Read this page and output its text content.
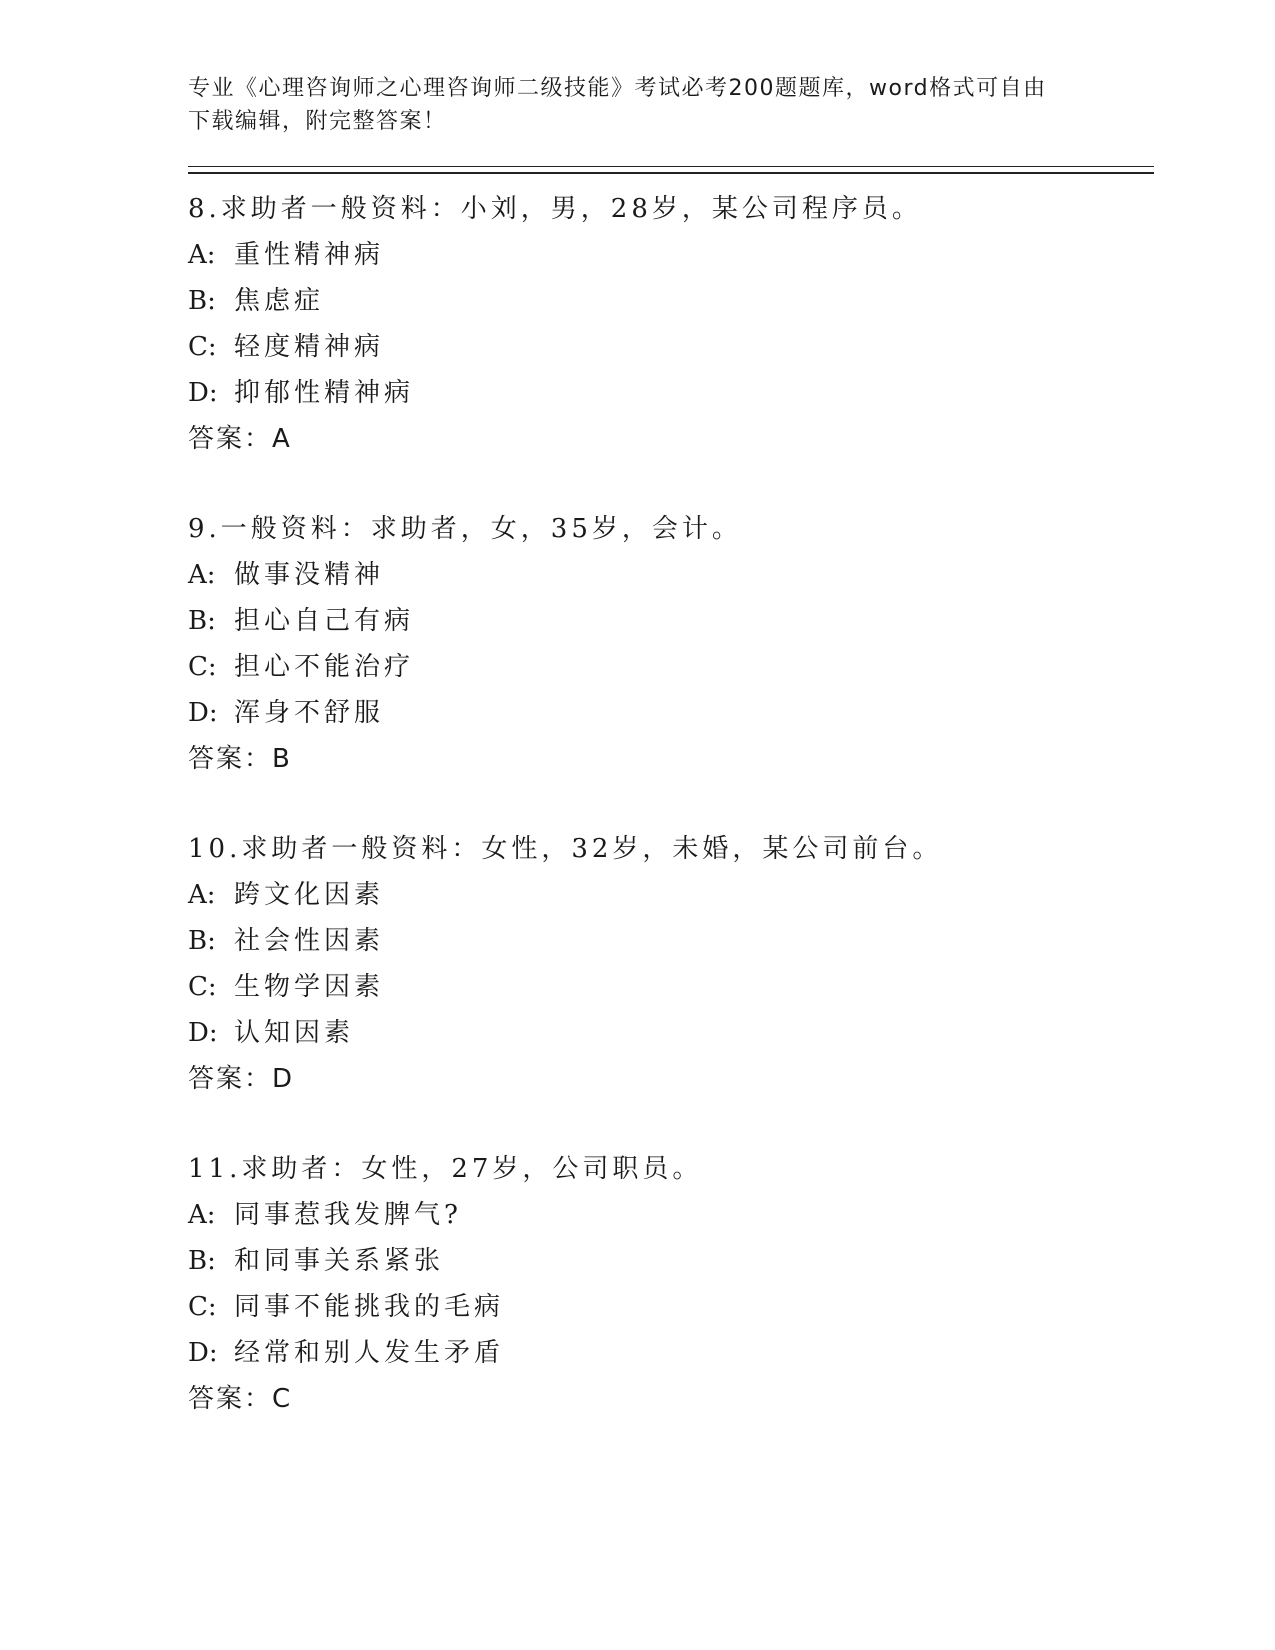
专业《心理咨询师之心理咨询师二级技能》考试必考200题题库，word格式可自由下载编辑，附完整答案！

8.求助者一般资料：小刘，男，28岁，某公司程序员。

A: 重性精神病

B: 焦虑症

C: 轻度精神病

D: 抑郁性精神病

答案：A

9.一般资料：求助者，女，35岁，会计。

A: 做事没精神

B: 担心自己有病

C: 担心不能治疗

D: 浑身不舒服

答案：B

10.求助者一般资料：女性，32岁，未婚，某公司前台。

A: 跨文化因素

B: 社会性因素

C: 生物学因素

D: 认知因素

答案：D

11.求助者：女性，27岁，公司职员。

A: 同事惹我发脾气?

B: 和同事关系紧张

C: 同事不能挑我的毛病

D: 经常和别人发生矛盾

答案：C
